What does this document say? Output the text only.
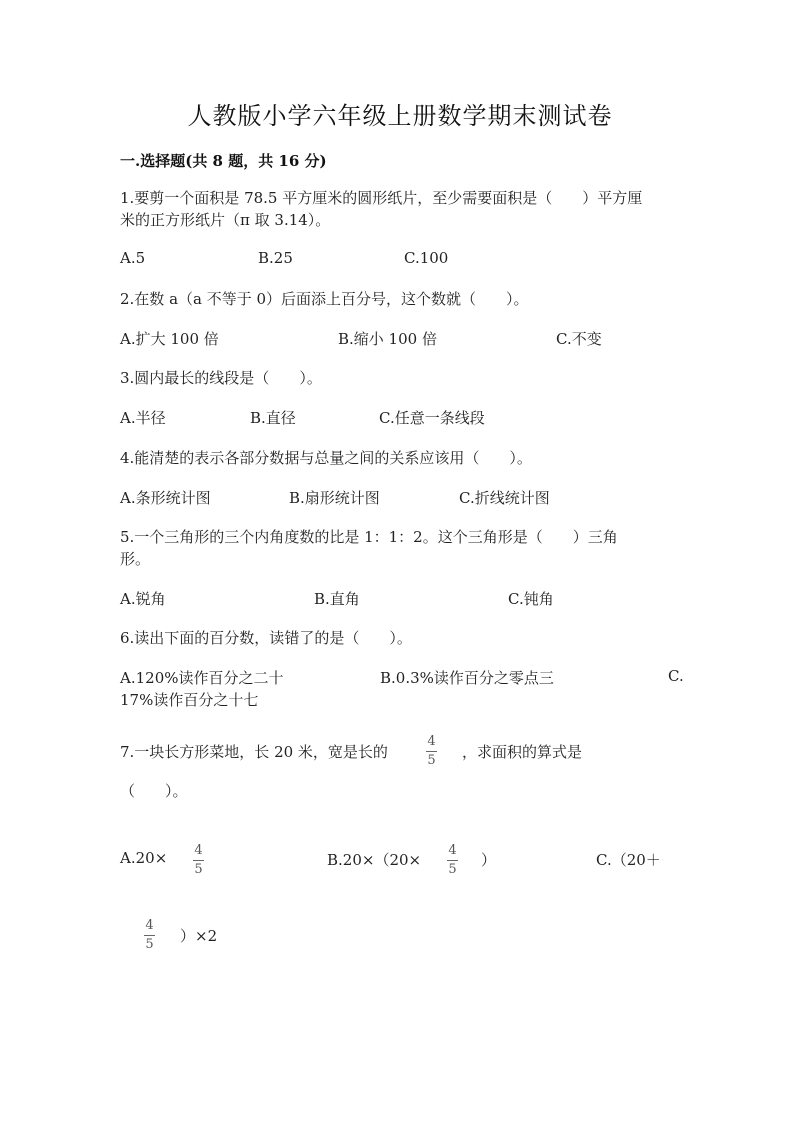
人教版小学六年级上册数学期末测试卷
一.选择题(共 8 题，共 16 分)
1.要剪一个面积是 78.5 平方厘米的圆形纸片，至少需要面积是（　　）平方厘
米的正方形纸片（π 取 3.14）。
A.5	B.25	C.100
2.在数 a（a 不等于 0）后面添上百分号，这个数就（　　）。
A.扩大 100 倍	B.缩小 100 倍	C.不变
3.圆内最长的线段是（　　）。
A.半径	B.直径	C.任意一条线段
4.能清楚的表示各部分数据与总量之间的关系应该用（　　）。
A.条形统计图	B.扇形统计图	C.折线统计图
5.一个三角形的三个内角度数的比是 1：1：2。这个三角形是（　　）三角
形。
A.锐角	B.直角	C.钝角
6.读出下面的百分数，读错了的是（　　）。
A.120%读作百分之二十	B.0.3%读作百分之零点三	C.
17%读作百分之十七
7.一块长方形菜地，长 20 米，宽是长的
4
5 ，求面积的算式是
（　　）。
A.20× 4
5
B.20×（20×
4
5
）	C.（20＋
4
5 ）×2
